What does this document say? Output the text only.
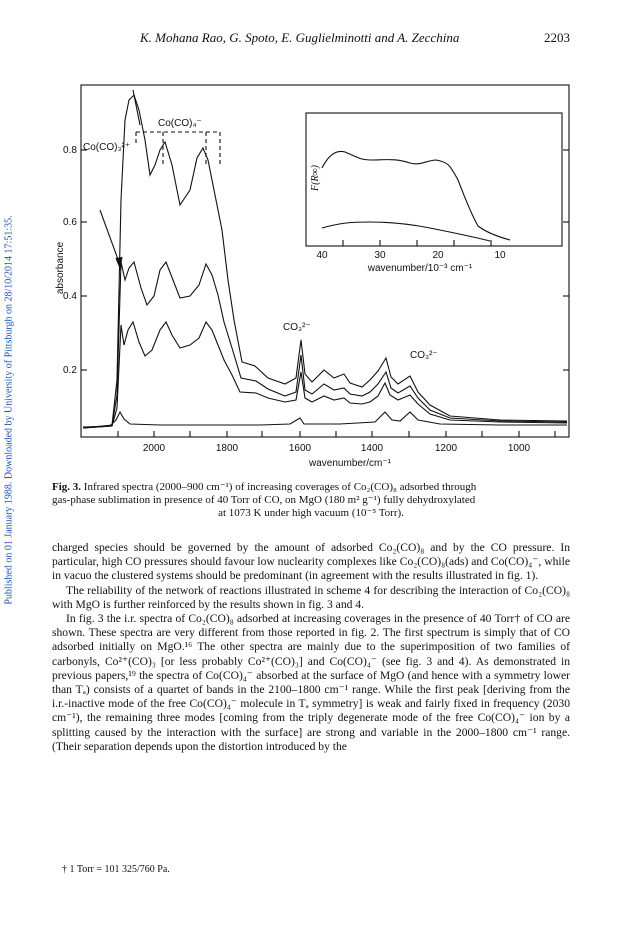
K. Mohana Rao, G. Spoto, E. Guglielminotti and A. Zecchina	2203
Published on 01 January 1988. Downloaded by University of Pittsburgh on 28/10/2014 17:51:35.	absorbance
0.8
0.6
0.4
0.2
2000	1800	1600	1400	1200	1000
wavenumber/cm⁻¹
Co(CO)₄⁻
Co(CO)₃²⁺
CO₃²⁻
CO₃²⁻
F(R∞)
40	30	20	10
wavenumber/10⁻³ cm⁻¹
Fig. 3. Infrared spectra (2000–900 cm⁻¹) of increasing coverages of Co₂(CO)₈ adsorbed through
gas-phase sublimation in presence of 40 Torr of CO, on MgO (180 m² g⁻¹) fully dehydroxylated
at 1073 K under high vacuum (10⁻⁵ Torr).

charged species should be governed by the amount of adsorbed Co₂(CO)₈ and by the CO pressure. In particular, high CO pressures should favour low nuclearity complexes like Co₂(CO)₈(ads) and Co(CO)₄⁻, while in vacuo the clustered systems should be predominant (in agreement with the results illustrated in fig. 1).

The reliability of the network of reactions illustrated in scheme 4 for describing the interaction of Co₂(CO)₈ with MgO is further reinforced by the results shown in fig. 3 and 4.

In fig. 3 the i.r. spectra of Co₂(CO)₈ adsorbed at increasing coverages in the presence of 40 Torr† of CO are shown. These spectra are very different from those reported in fig. 2. The first spectrum is simply that of CO adsorbed initially on MgO.¹⁶ The other spectra are mainly due to the superimposition of two families of carbonyls, Co²⁺(CO)₃ [or less probably Co²⁺(CO)₃] and Co(CO)₄⁻ (see fig. 3 and 4). As demonstrated in previous papers,¹⁹ the spectra of Co(CO)₄⁻ absorbed at the surface of MgO (and hence with a symmetry lower than Tₐ) consists of a quartet of bands in the 2100–1800 cm⁻¹ range. While the first peak [deriving from the i.r.-inactive mode of the free Co(CO)₄⁻ molecule in Tₐ symmetry] is weak and fairly fixed in frequency (2030 cm⁻¹), the remaining three modes [coming from the triply degenerate mode of the free Co(CO)₄⁻ ion by a splitting caused by the interaction with the surface] are strong and variable in the 2000–1800 cm⁻¹ range. (Their separation depends upon the distortion introduced by the

† 1 Torr = 101 325/760 Pa.
